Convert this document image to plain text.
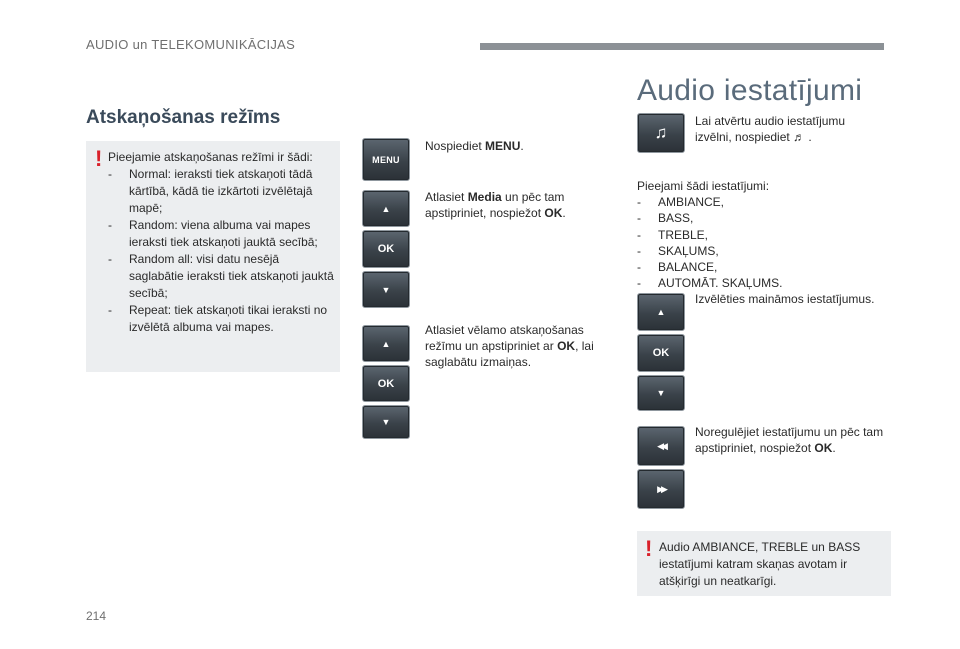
AUDIO un TELEKOMUNIKĀCIJAS
Atskaņošanas režīms
! Pieejamie atskaņošanas režīmi ir šādi:
-	Normal: ieraksti tiek atskaņoti tādā kārtībā, kādā tie izkārtoti izvēlētajā mapē;
-	Random: viena albuma vai mapes ieraksti tiek atskaņoti jauktā secībā;
-	Random all: visi datu nesējā saglabātie ieraksti tiek atskaņoti jauktā secībā;
-	Repeat: tiek atskaņoti tikai ieraksti no izvēlētā albuma vai mapes.
MENU
▲
OK
▼
▲
OK
▼
Nospiediet MENU.
Atlasiet Media un pēc tam apstipriniet, nospiežot OK.
Atlasiet vēlamo atskaņošanas režīmu un apstipriniet ar OK, lai saglabātu izmaiņas.
Audio iestatījumi
♫
Lai atvērtu audio iestatījumu izvēlni, nospiediet ♬ .
Pieejami šādi iestatījumi:
-	AMBIANCE,
-	BASS,
-	TREBLE,
-	SKAĻUMS,
-	BALANCE,
-	AUTOMĀT. SKAĻUMS.
▲
OK
▼
Izvēlēties maināmos iestatījumus.
◀◀
▶▶
Noregulējiet iestatījumu un pēc tam apstipriniet, nospiežot OK.
! Audio AMBIANCE, TREBLE un BASS iestatījumi katram skaņas avotam ir atšķirīgi un neatkarīgi.
214
